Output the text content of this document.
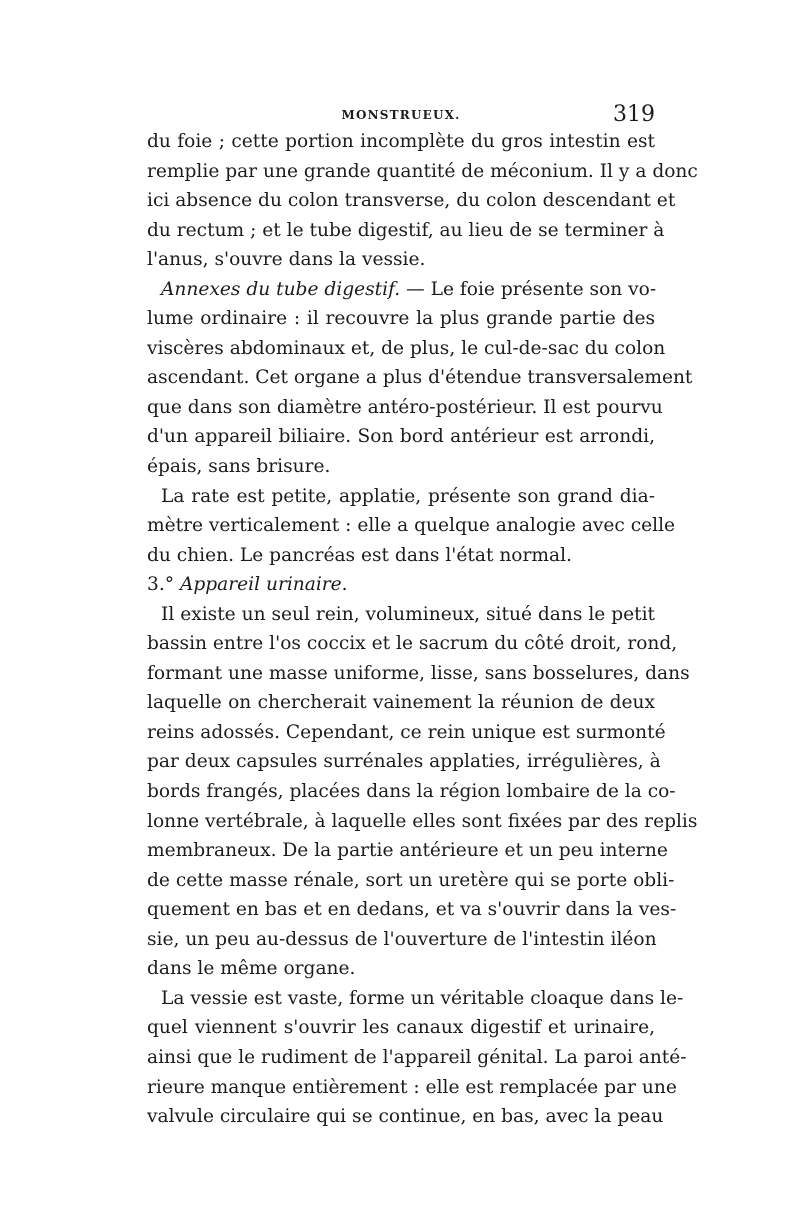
MONSTRUEUX.	319
du foie ; cette portion incomplète du gros intestin est
remplie par une grande quantité de méconium. Il y a donc
ici absence du colon transverse, du colon descendant et
du rectum ; et le tube digestif, au lieu de se terminer à
l'anus, s'ouvre dans la vessie.
Annexes du tube digestif. — Le foie présente son vo-
lume ordinaire : il recouvre la plus grande partie des
viscères abdominaux et, de plus, le cul-de-sac du colon
ascendant. Cet organe a plus d'étendue transversalement
que dans son diamètre antéro-postérieur. Il est pourvu
d'un appareil biliaire. Son bord antérieur est arrondi,
épais, sans brisure.
La rate est petite, applatie, présente son grand dia-
mètre verticalement : elle a quelque analogie avec celle
du chien. Le pancréas est dans l'état normal.
3.° Appareil urinaire.
Il existe un seul rein, volumineux, situé dans le petit
bassin entre l'os coccix et le sacrum du côté droit, rond,
formant une masse uniforme, lisse, sans bosselures, dans
laquelle on chercherait vainement la réunion de deux
reins adossés. Cependant, ce rein unique est surmonté
par deux capsules surrénales applaties, irrégulières, à
bords frangés, placées dans la région lombaire de la co-
lonne vertébrale, à laquelle elles sont fixées par des replis
membraneux. De la partie antérieure et un peu interne
de cette masse rénale, sort un uretère qui se porte obli-
quement en bas et en dedans, et va s'ouvrir dans la ves-
sie, un peu au-dessus de l'ouverture de l'intestin iléon
dans le même organe.
La vessie est vaste, forme un véritable cloaque dans le-
quel viennent s'ouvrir les canaux digestif et urinaire,
ainsi que le rudiment de l'appareil génital. La paroi anté-
rieure manque entièrement : elle est remplacée par une
valvule circulaire qui se continue, en bas, avec la peau
